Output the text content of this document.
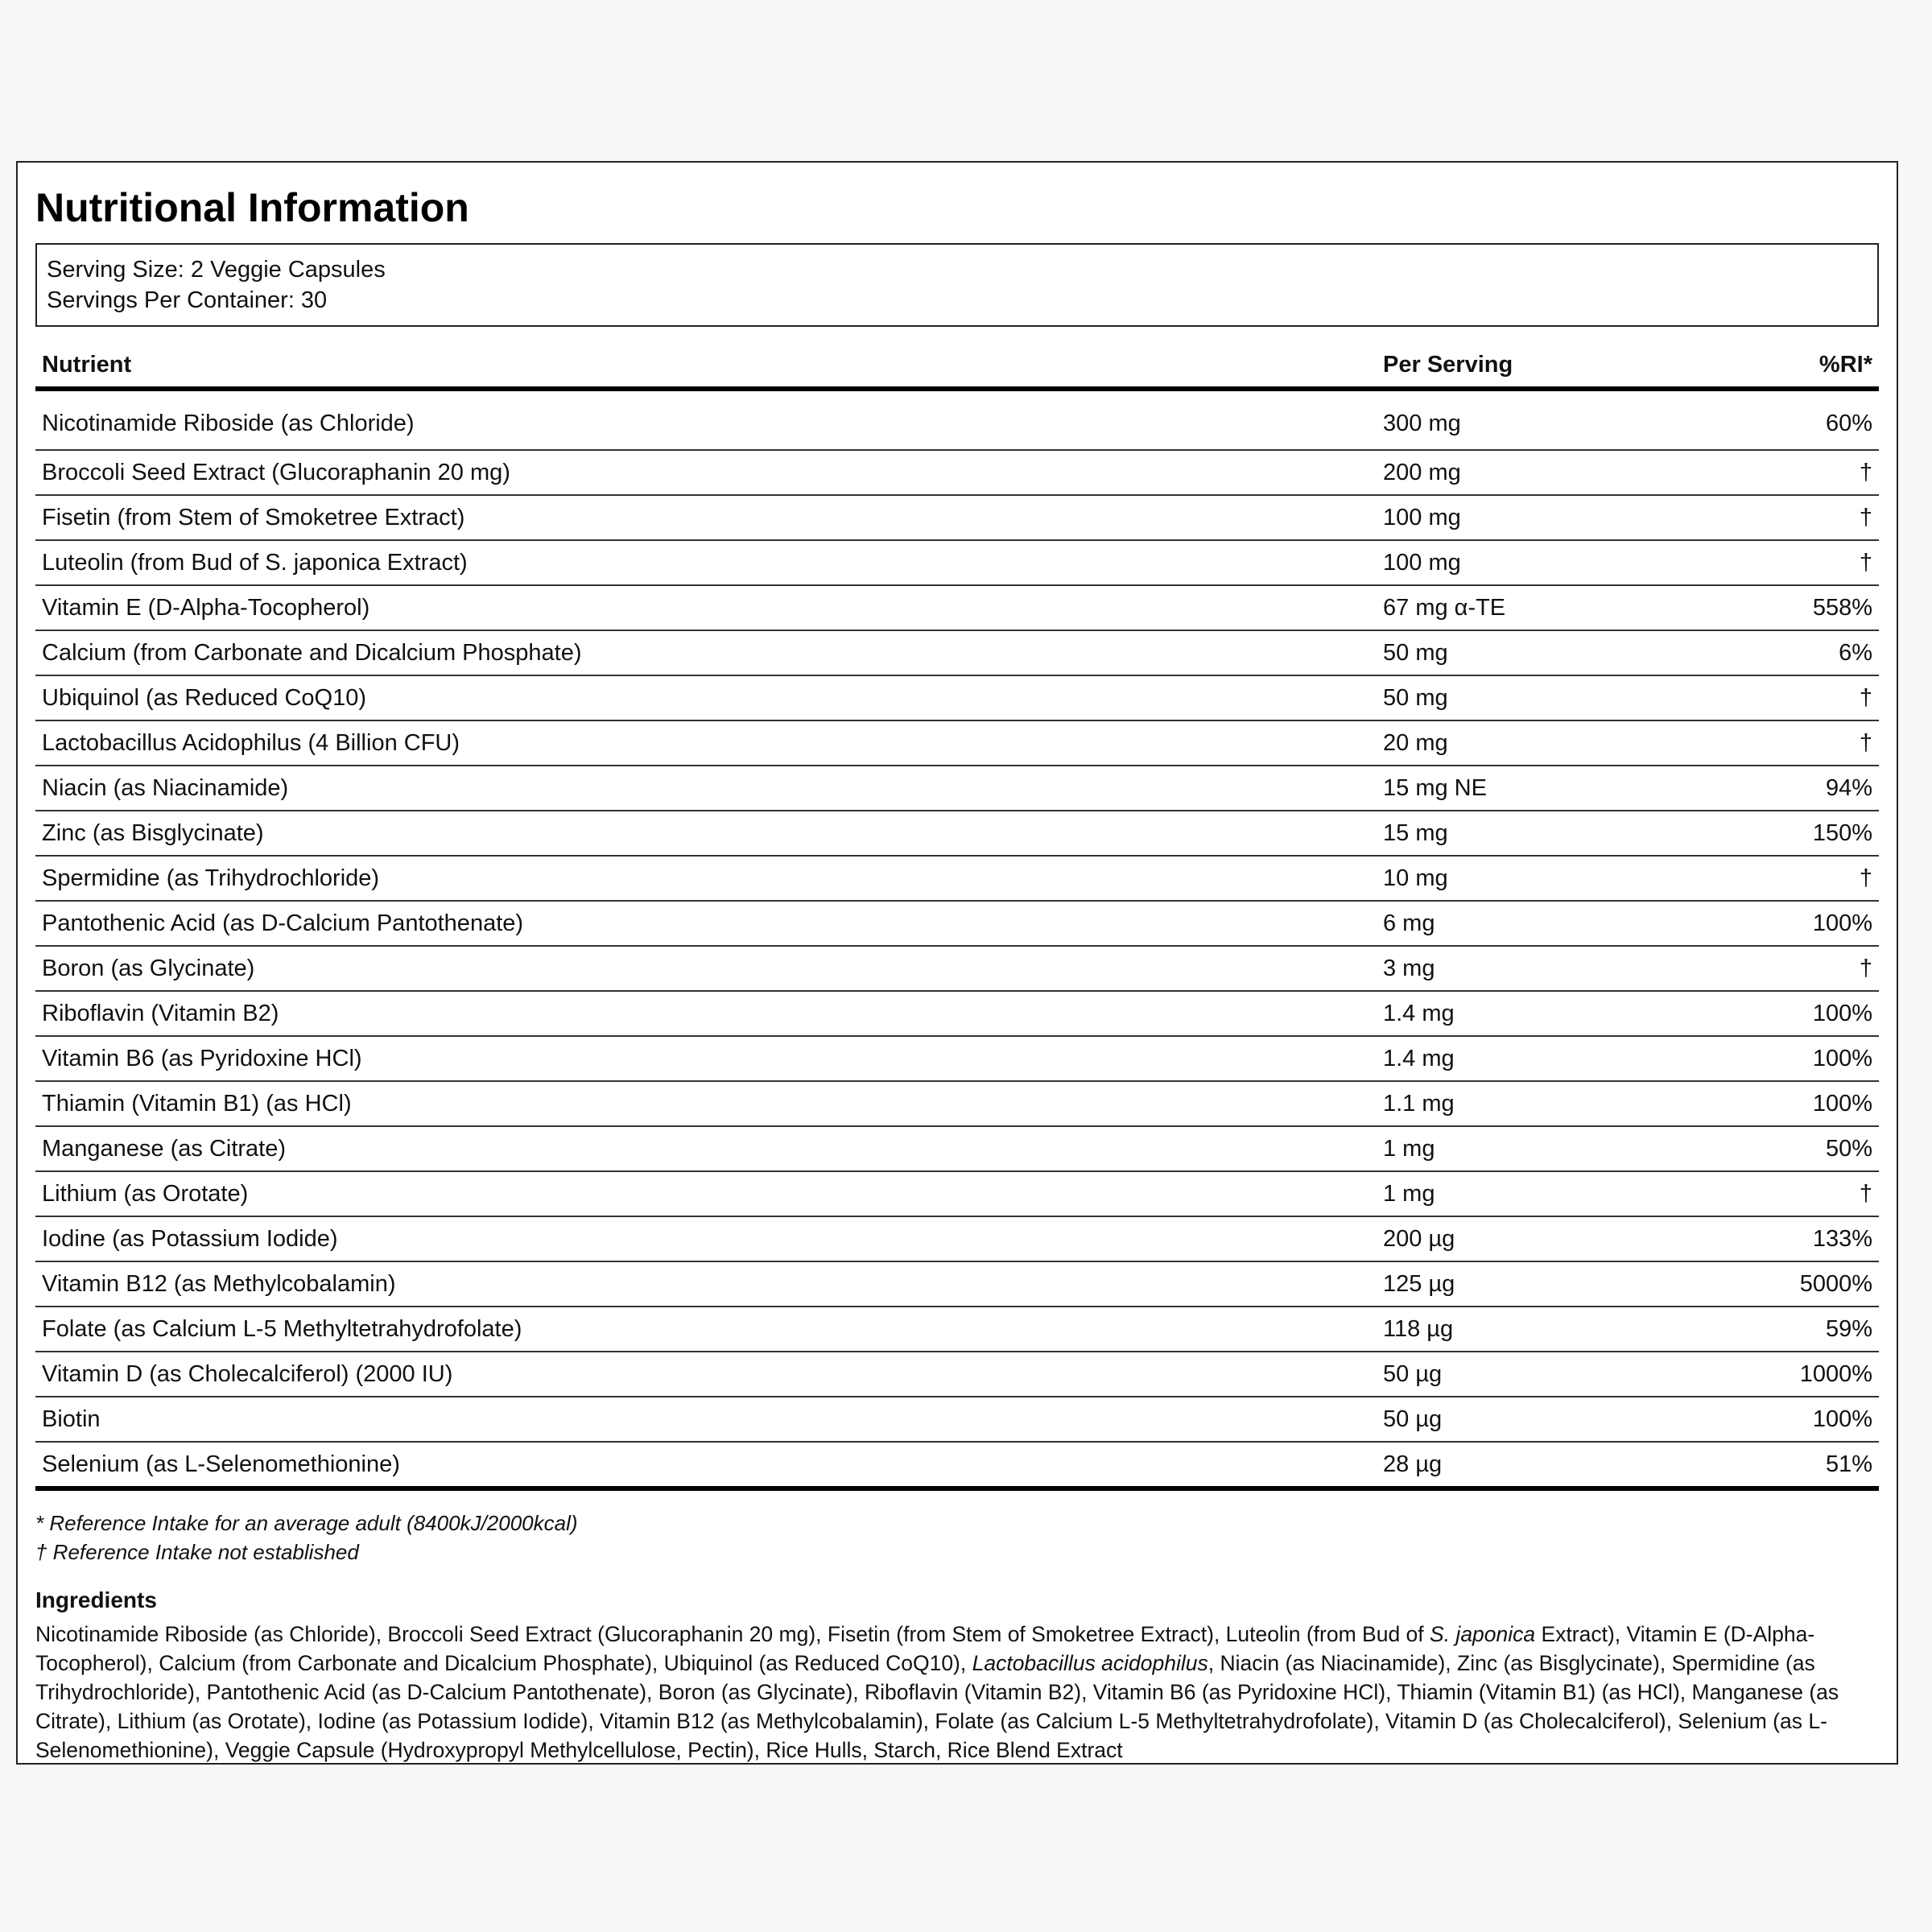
Nutritional Information
Serving Size: 2 Veggie Capsules
Servings Per Container: 30
Nutrient	Per Serving	%RI*
Nicotinamide Riboside (as Chloride)	300 mg	60%
Broccoli Seed Extract (Glucoraphanin 20 mg)	200 mg	†
Fisetin (from Stem of Smoketree Extract)	100 mg	†
Luteolin (from Bud of S. japonica Extract)	100 mg	†
Vitamin E (D-Alpha-Tocopherol)	67 mg α-TE	558%
Calcium (from Carbonate and Dicalcium Phosphate)	50 mg	6%
Ubiquinol (as Reduced CoQ10)	50 mg	†
Lactobacillus Acidophilus (4 Billion CFU)	20 mg	†
Niacin (as Niacinamide)	15 mg NE	94%
Zinc (as Bisglycinate)	15 mg	150%
Spermidine (as Trihydrochloride)	10 mg	†
Pantothenic Acid (as D-Calcium Pantothenate)	6 mg	100%
Boron (as Glycinate)	3 mg	†
Riboflavin (Vitamin B2)	1.4 mg	100%
Vitamin B6 (as Pyridoxine HCl)	1.4 mg	100%
Thiamin (Vitamin B1) (as HCl)	1.1 mg	100%
Manganese (as Citrate)	1 mg	50%
Lithium (as Orotate)	1 mg	†
Iodine (as Potassium Iodide)	200 µg	133%
Vitamin B12 (as Methylcobalamin)	125 µg	5000%
Folate (as Calcium L-5 Methyltetrahydrofolate)	118 µg	59%
Vitamin D (as Cholecalciferol) (2000 IU)	50 µg	1000%
Biotin	50 µg	100%
Selenium (as L-Selenomethionine)	28 µg	51%
* Reference Intake for an average adult (8400kJ/2000kcal)
† Reference Intake not established
Ingredients
Nicotinamide Riboside (as Chloride), Broccoli Seed Extract (Glucoraphanin 20 mg), Fisetin (from Stem of Smoketree Extract), Luteolin (from Bud of S. japonica Extract), Vitamin E (D-Alpha-Tocopherol), Calcium (from Carbonate and Dicalcium Phosphate), Ubiquinol (as Reduced CoQ10), Lactobacillus acidophilus, Niacin (as Niacinamide), Zinc (as Bisglycinate), Spermidine (as Trihydrochloride), Pantothenic Acid (as D-Calcium Pantothenate), Boron (as Glycinate), Riboflavin (Vitamin B2), Vitamin B6 (as Pyridoxine HCl), Thiamin (Vitamin B1) (as HCl), Manganese (as Citrate), Lithium (as Orotate), Iodine (as Potassium Iodide), Vitamin B12 (as Methylcobalamin), Folate (as Calcium L-5 Methyltetrahydrofolate), Vitamin D (as Cholecalciferol), Selenium (as L-Selenomethionine), Veggie Capsule (Hydroxypropyl Methylcellulose, Pectin), Rice Hulls, Starch, Rice Blend Extract
